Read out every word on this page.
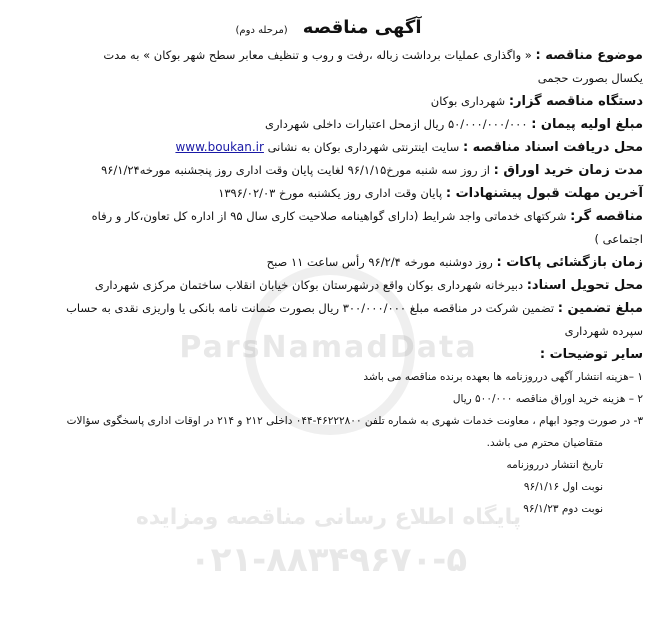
ParsNamadData
پایگاه اطلاع رسانی مناقصه ومزایده
۰۲۱-۸۸۳۴۹۶۷۰-۵
آگهی مناقصه (مرحله دوم)
موضوع مناقصه : « واگذاری عملیات برداشت زباله ،رفت و روب و تنظیف معابر سطح شهر بوکان » به مدت
یکسال بصورت حجمی
دستگاه مناقصه گزار: شهرداری بوکان
مبلغ اولیه پیمان : ۵۰/۰۰۰/۰۰۰/۰۰۰ ریال ازمحل اعتبارات داخلی شهرداری
محل دریافت اسناد مناقصه : سایت اینترنتی شهرداری بوکان به نشانی www.boukan.ir
مدت زمان خرید اوراق : از روز سه شنبه مورخ۹۶/۱/۱۵ لغایت پایان وقت اداری روز پنجشنبه مورخه۹۶/۱/۲۴
آخرین مهلت قبول پیشنهادات : پایان وقت اداری روز یکشنبه مورخ ۱۳۹۶/۰۲/۰۳
مناقصه گر: شرکتهای خدماتی واجد شرایط (دارای گواهینامه صلاحیت کاری سال ۹۵ از اداره کل تعاون،کار و رفاه
اجتماعی )
زمان بازگشائی پاکات : روز دوشنبه مورخه ۹۶/۲/۴ رأس ساعت ۱۱ صبح
محل تحویل اسناد: دبیرخانه شهرداری بوکان واقع درشهرستان بوکان خیابان انقلاب ساختمان مرکزی شهرداری
مبلغ تضمین : تضمین شرکت در مناقصه مبلغ ۳۰۰/۰۰۰/۰۰۰ ریال بصورت ضمانت نامه بانکی یا واریزی نقدی به حساب
سپرده شهرداری
سایر توضیحات :
۱ –هزینه انتشار آگهی درروزنامه ها بعهده برنده مناقصه می باشد
۲ – هزینه خرید اوراق مناقصه ۵۰۰/۰۰۰ ریال
۳- در صورت وجود ابهام ، معاونت خدمات شهری به شماره تلفن ۴۶۲۲۲۸۰۰-۰۴۴ داخلی ۲۱۲ و ۲۱۴ در اوقات اداری پاسخگوی سؤالات
متقاضیان محترم می باشد.
تاریخ انتشار درروزنامه
نوبت اول ۹۶/۱/۱۶
نوبت دوم ۹۶/۱/۲۳
